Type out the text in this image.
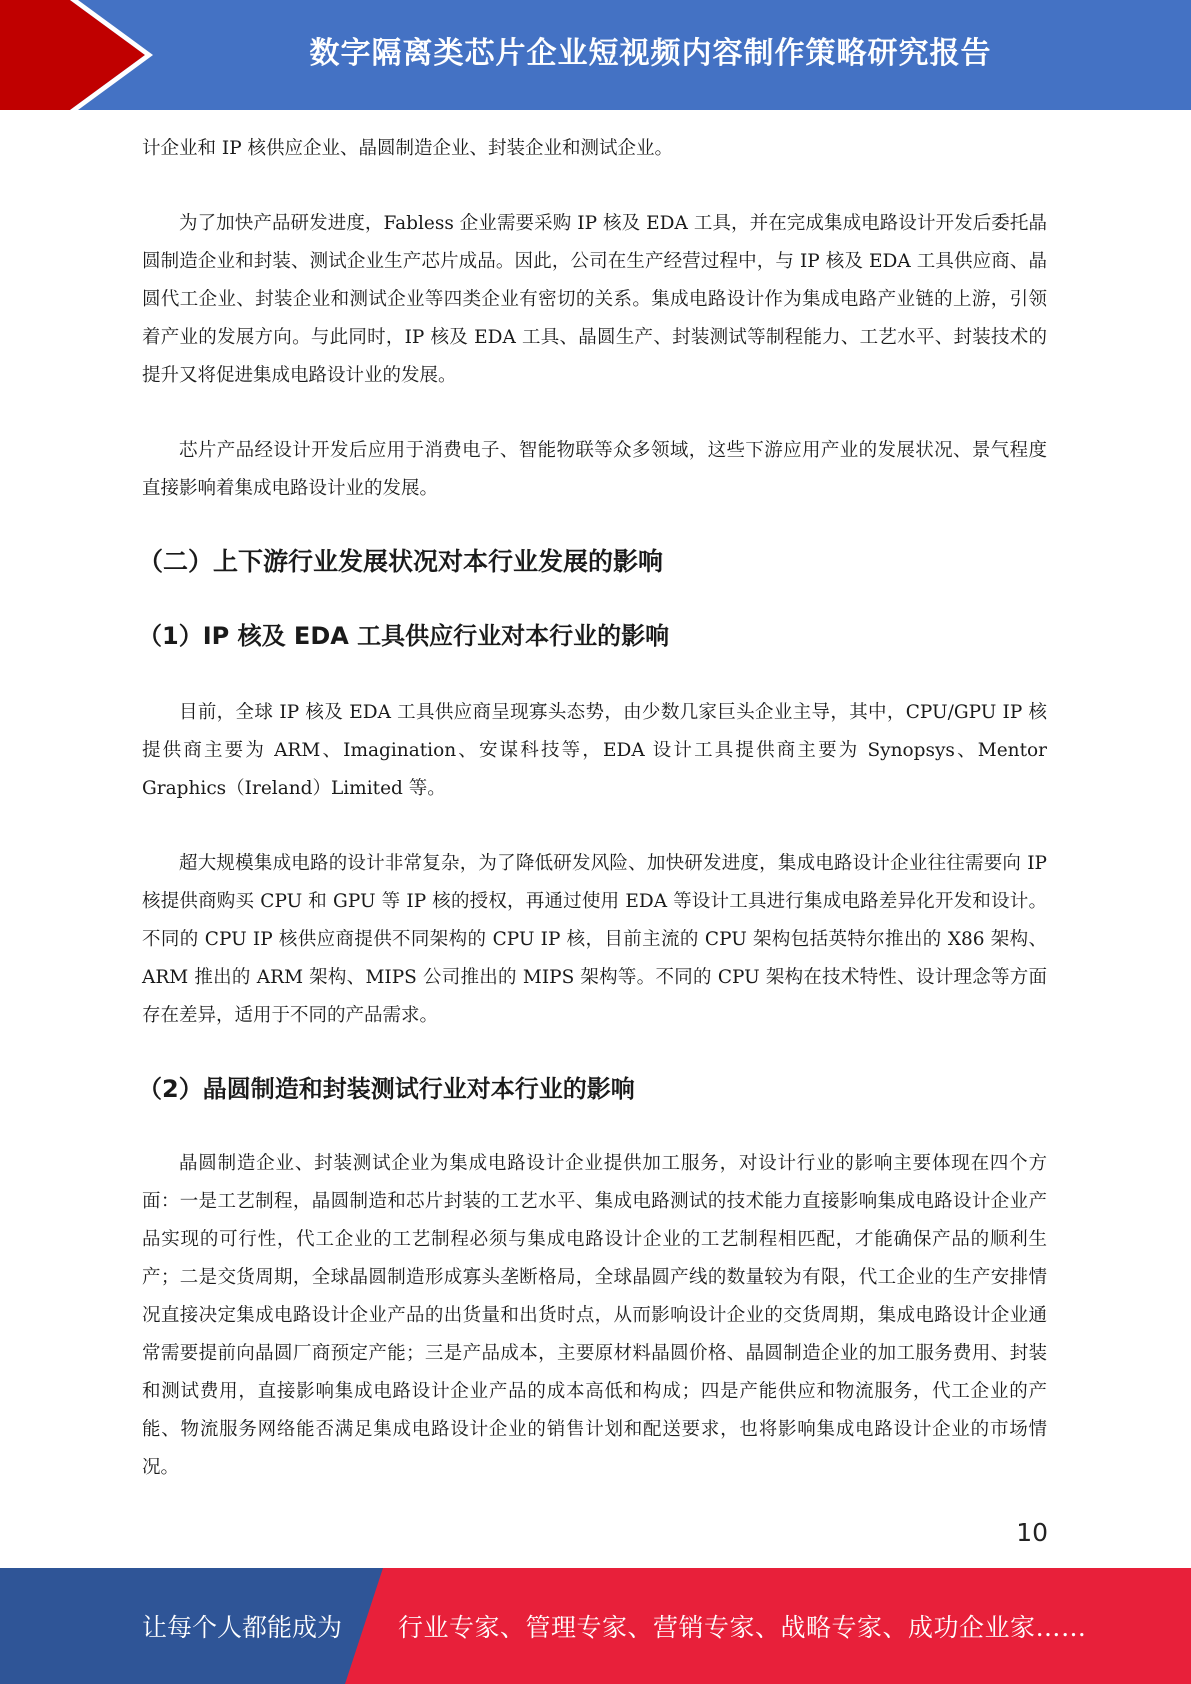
数字隔离类芯片企业短视频内容制作策略研究报告

计企业和 IP 核供应企业、晶圆制造企业、封装企业和测试企业。

为了加快产品研发进度，Fabless 企业需要采购 IP 核及 EDA 工具，并在完成集成电路设计开发后委托晶圆制造企业和封装、测试企业生产芯片成品。因此，公司在生产经营过程中，与 IP 核及 EDA 工具供应商、晶圆代工企业、封装企业和测试企业等四类企业有密切的关系。集成电路设计作为集成电路产业链的上游，引领着产业的发展方向。与此同时，IP 核及 EDA 工具、晶圆生产、封装测试等制程能力、工艺水平、封装技术的提升又将促进集成电路设计业的发展。

芯片产品经设计开发后应用于消费电子、智能物联等众多领域，这些下游应用产业的发展状况、景气程度直接影响着集成电路设计业的发展。

（二）上下游行业发展状况对本行业发展的影响
（1）IP 核及 EDA 工具供应行业对本行业的影响

目前，全球 IP 核及 EDA 工具供应商呈现寡头态势，由少数几家巨头企业主导，其中，CPU/GPU IP 核提供商主要为 ARM、Imagination、安谋科技等，EDA 设计工具提供商主要为 Synopsys、Mentor Graphics（Ireland）Limited 等。

超大规模集成电路的设计非常复杂，为了降低研发风险、加快研发进度，集成电路设计企业往往需要向 IP 核提供商购买 CPU 和 GPU 等 IP 核的授权，再通过使用 EDA 等设计工具进行集成电路差异化开发和设计。不同的 CPU IP 核供应商提供不同架构的 CPU IP 核，目前主流的 CPU 架构包括英特尔推出的 X86 架构、ARM 推出的 ARM 架构、MIPS 公司推出的 MIPS 架构等。不同的 CPU 架构在技术特性、设计理念等方面存在差异，适用于不同的产品需求。

（2）晶圆制造和封装测试行业对本行业的影响

晶圆制造企业、封装测试企业为集成电路设计企业提供加工服务，对设计行业的影响主要体现在四个方面：一是工艺制程，晶圆制造和芯片封装的工艺水平、集成电路测试的技术能力直接影响集成电路设计企业产品实现的可行性，代工企业的工艺制程必须与集成电路设计企业的工艺制程相匹配，才能确保产品的顺利生产；二是交货周期，全球晶圆制造形成寡头垄断格局，全球晶圆产线的数量较为有限，代工企业的生产安排情况直接决定集成电路设计企业产品的出货量和出货时点，从而影响设计企业的交货周期，集成电路设计企业通常需要提前向晶圆厂商预定产能；三是产品成本，主要原材料晶圆价格、晶圆制造企业的加工服务费用、封装和测试费用，直接影响集成电路设计企业产品的成本高低和构成；四是产能供应和物流服务，代工企业的产能、物流服务网络能否满足集成电路设计企业的销售计划和配送要求，也将影响集成电路设计企业的市场情况。

10
让每个人都能成为 行业专家、管理专家、营销专家、战略专家、成功企业家……
